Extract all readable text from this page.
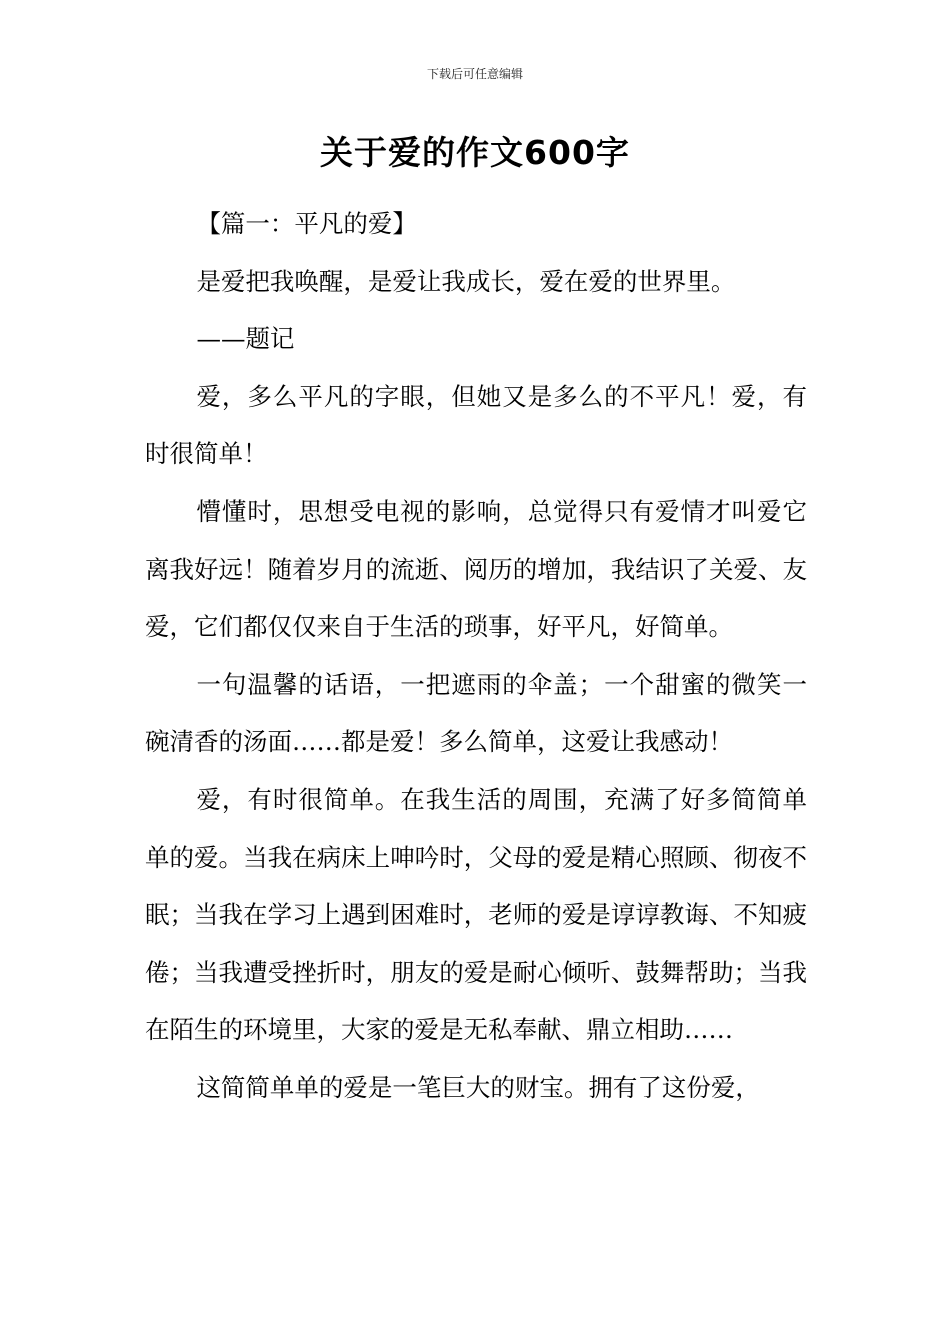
下载后可任意编辑
关于爱的作文600字

【篇一：平凡的爱】

是爱把我唤醒，是爱让我成长，爱在爱的世界里。

——题记

爱，多么平凡的字眼，但她又是多么的不平凡！爱，有时很简单！

懵懂时，思想受电视的影响，总觉得只有爱情才叫爱它离我好远！随着岁月的流逝、阅历的增加，我结识了关爱、友爱，它们都仅仅来自于生活的琐事，好平凡，好简单。

一句温馨的话语，一把遮雨的伞盖；一个甜蜜的微笑一碗清香的汤面……都是爱！多么简单，这爱让我感动！

爱，有时很简单。在我生活的周围，充满了好多简简单单的爱。当我在病床上呻吟时，父母的爱是精心照顾、彻夜不眠；当我在学习上遇到困难时，老师的爱是谆谆教诲、不知疲倦；当我遭受挫折时，朋友的爱是耐心倾听、鼓舞帮助；当我在陌生的环境里，大家的爱是无私奉献、鼎立相助……

这简简单单的爱是一笔巨大的财宝。拥有了这份爱，
